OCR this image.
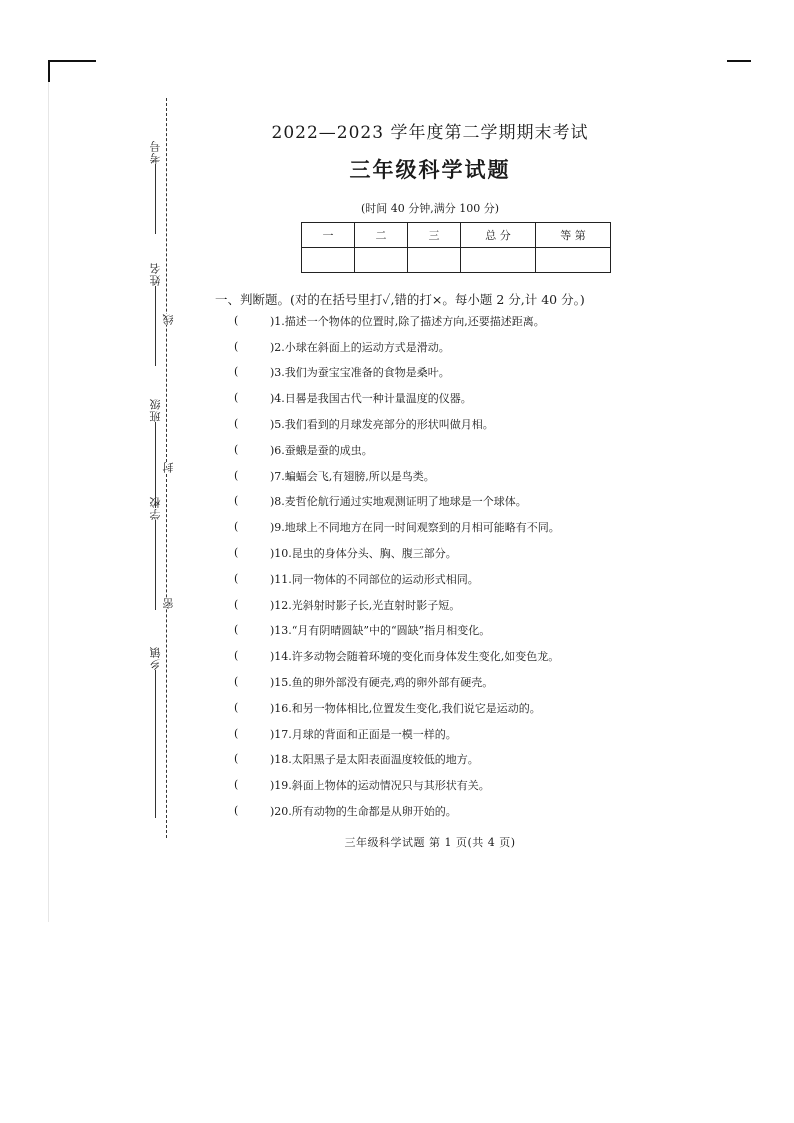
考号
姓名
班级
学校
乡镇
线
封
密
2022—2023 学年度第二学期期末考试
三年级科学试题
(时间 40 分钟,满分 100 分)
一	二	三	总 分	等 第

一、判断题。(对的在括号里打✓,错的打×。每小题 2 分,计 40 分。)
(	)1.描述一个物体的位置时,除了描述方向,还要描述距离。
(	)2.小球在斜面上的运动方式是滑动。
(	)3.我们为蚕宝宝准备的食物是桑叶。
(	)4.日晷是我国古代一种计量温度的仪器。
(	)5.我们看到的月球发亮部分的形状叫做月相。
(	)6.蚕蛾是蚕的成虫。
(	)7.蝙蝠会飞,有翅膀,所以是鸟类。
(	)8.麦哲伦航行通过实地观测证明了地球是一个球体。
(	)9.地球上不同地方在同一时间观察到的月相可能略有不同。
(	)10.昆虫的身体分头、胸、腹三部分。
(	)11.同一物体的不同部位的运动形式相同。
(	)12.光斜射时影子长,光直射时影子短。
(	)13.“月有阴晴圆缺”中的“圆缺”指月相变化。
(	)14.许多动物会随着环境的变化而身体发生变化,如变色龙。
(	)15.鱼的卵外部没有硬壳,鸡的卵外部有硬壳。
(	)16.和另一物体相比,位置发生变化,我们说它是运动的。
(	)17.月球的背面和正面是一模一样的。
(	)18.太阳黑子是太阳表面温度较低的地方。
(	)19.斜面上物体的运动情况只与其形状有关。
(	)20.所有动物的生命都是从卵开始的。
三年级科学试题 第 1 页(共 4 页)
